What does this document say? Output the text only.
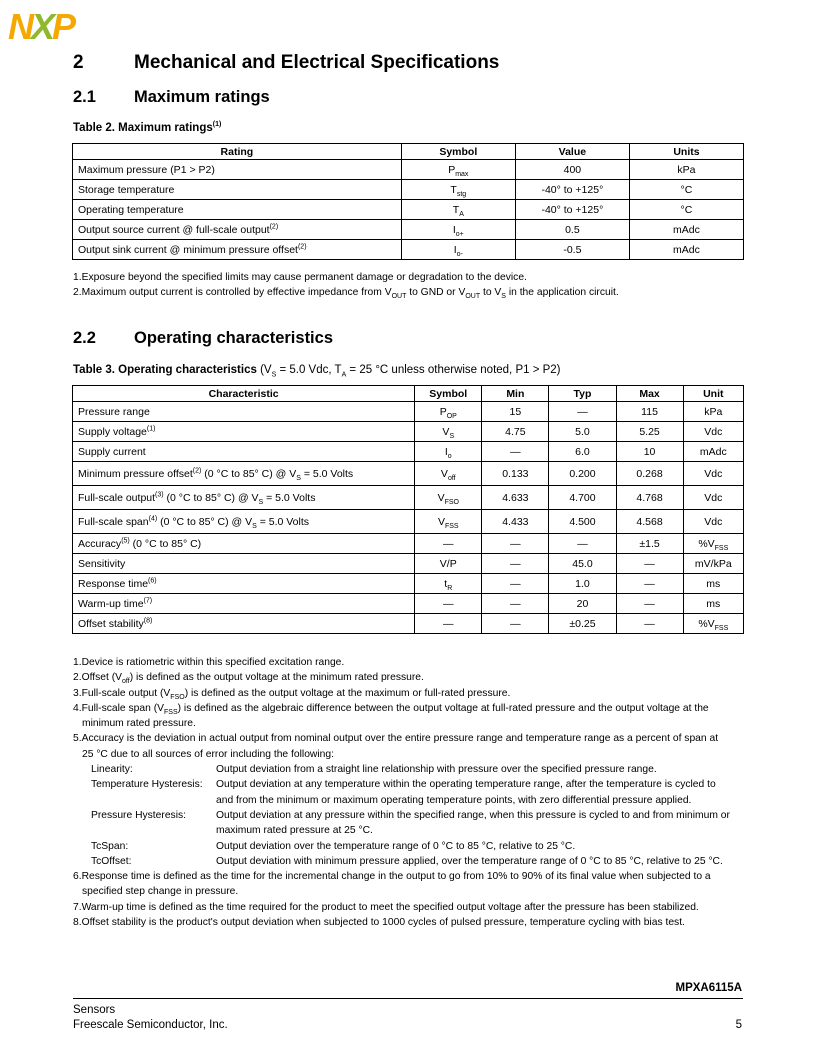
NXP
2	Mechanical and Electrical Specifications
2.1 Maximum ratings
Table 2. Maximum ratings$^{(1)}$
Rating	Symbol	Value	Units
Maximum pressure (P1 > P2)	$P_{max}$	400	kPa
Storage temperature	$T_{stg}$	-40° to +125°	°C
Operating temperature	$T_A$	-40° to +125°	°C
Output source current @ full-scale output$^{(2)}$	$I_{o+}$	0.5	mAdc
Output sink current @ minimum pressure offset$^{(2)}$	$I_{o-}$	-0.5	mAdc
1.Exposure beyond the specified limits may cause permanent damage or degradation to the device.
2.Maximum output current is controlled by effective impedance from $V_{OUT}$ to GND or $V_{OUT}$ to $V_S$ in the application circuit.
2.2 Operating characteristics
Table 3. Operating characteristics ($V_S = 5.0$ Vdc, $T_A = 25$ °C unless otherwise noted, P1 > P2)
Characteristic	Symbol	Min	Typ	Max	Unit
Pressure range	$P_{OP}$	15	—	115	kPa
Supply voltage$^{(1)}$	$V_S$	4.75	5.0	5.25	Vdc
Supply current	$I_o$	—	6.0	10	mAdc
Minimum pressure offset$^{(2)}$ (0 °C to 85° C) @ $V_S = 5.0$ Volts	$V_{off}$	0.133	0.200	0.268	Vdc
Full-scale output$^{(3)}$ (0 °C to 85° C) @ $V_S = 5.0$ Volts	$V_{FSO}$	4.633	4.700	4.768	Vdc
Full-scale span$^{(4)}$ (0 °C to 85° C) @ $V_S = 5.0$ Volts	$V_{FSS}$	4.433	4.500	4.568	Vdc
Accuracy$^{(5)}$ (0 °C to 85° C)	—	—	—	±1.5	$\%V_{FSS}$
Sensitivity	V/P	—	45.0	—	mV/kPa
Response time$^{(6)}$	$t_R$	—	1.0	—	ms
Warm-up time$^{(7)}$	—	—	20	—	ms
Offset stability$^{(8)}$	—	—	±0.25	—	$\%V_{FSS}$
1.Device is ratiometric within this specified excitation range.
2.Offset $(V_{off})$ is defined as the output voltage at the minimum rated pressure.
3.Full-scale output $(V_{FSO})$ is defined as the output voltage at the maximum or full-rated pressure.
4.Full-scale span $(V_{FSS})$ is defined as the algebraic difference between the output voltage at full-rated pressure and the output voltage at the
minimum rated pressure.
5.Accuracy is the deviation in actual output from nominal output over the entire pressure range and temperature range as a percent of span at
25 °C due to all sources of error including the following:
Linearity:	Output deviation from a straight line relationship with pressure over the specified pressure range.
Temperature Hysteresis:	Output deviation at any temperature within the operating temperature range, after the temperature is cycled to
and from the minimum or maximum operating temperature points, with zero differential pressure applied.
Pressure Hysteresis:	Output deviation at any pressure within the specified range, when this pressure is cycled to and from minimum or
maximum rated pressure at 25 °C.
TcSpan:	Output deviation over the temperature range of 0 °C to 85 °C, relative to 25 °C.
TcOffset:	Output deviation with minimum pressure applied, over the temperature range of 0 °C to 85 °C, relative to 25 °C.
6.Response time is defined as the time for the incremental change in the output to go from 10% to 90% of its final value when subjected to a
specified step change in pressure.
7.Warm-up time is defined as the time required for the product to meet the specified output voltage after the pressure has been stabilized.
8.Offset stability is the product's output deviation when subjected to 1000 cycles of pulsed pressure, temperature cycling with bias test.
MPXA6115A
Sensors
Freescale Semiconductor, Inc.	5
